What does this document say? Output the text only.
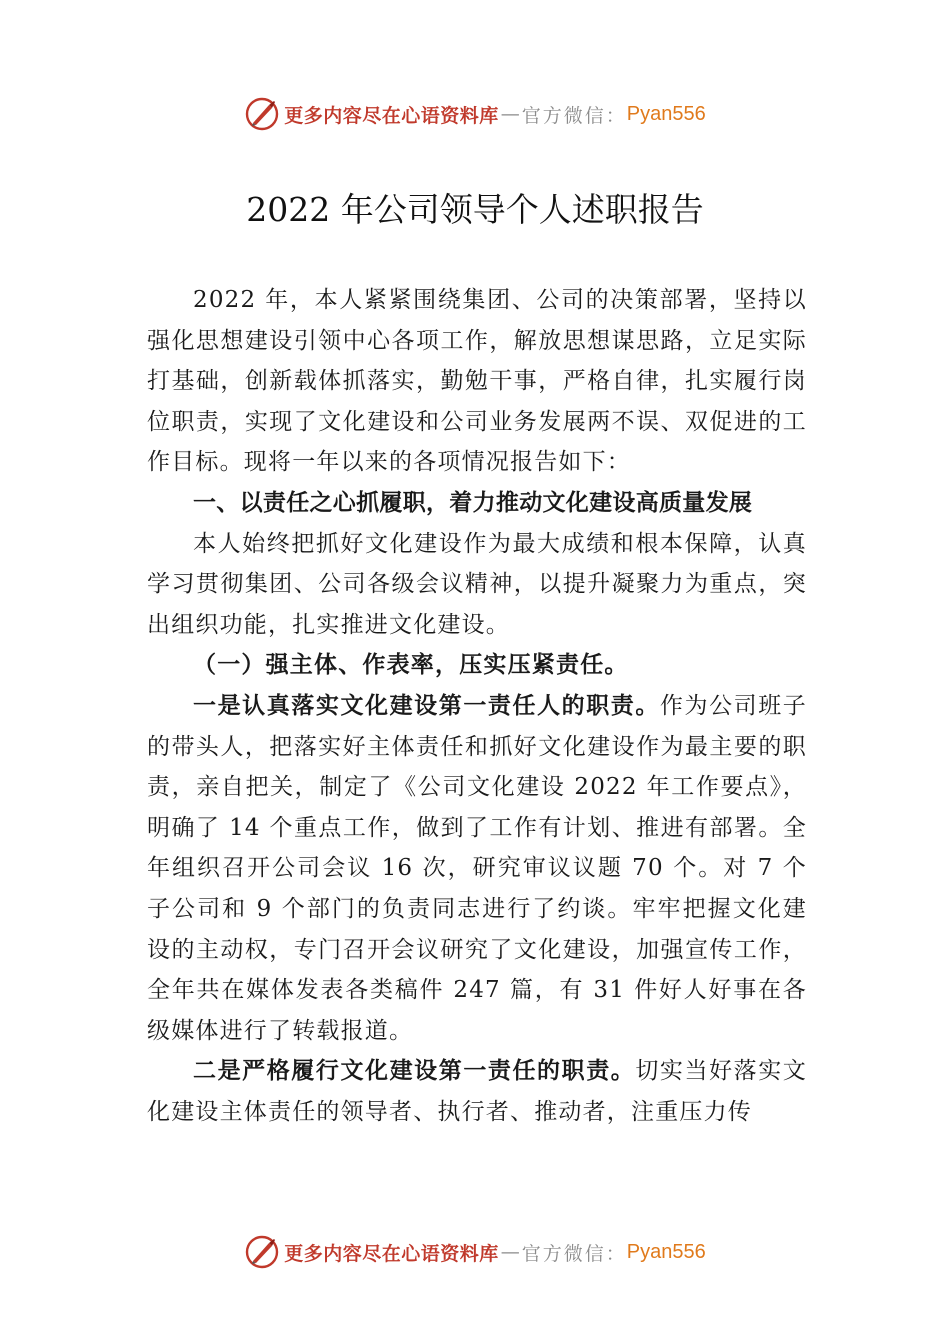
更多内容尽在心语资料库 — 官方微信： Pyan556
2022 年公司领导个人述职报告

2022 年，本人紧紧围绕集团、公司的决策部署，坚持以强化思想建设引领中心各项工作，解放思想谋思路，立足实际打基础，创新载体抓落实，勤勉干事，严格自律，扎实履行岗位职责，实现了文化建设和公司业务发展两不误、双促进的工作目标。现将一年以来的各项情况报告如下：

一、以责任之心抓履职，着力推动文化建设高质量发展

本人始终把抓好文化建设作为最大成绩和根本保障，认真学习贯彻集团、公司各级会议精神，以提升凝聚力为重点，突出组织功能，扎实推进文化建设。

（一）强主体、作表率，压实压紧责任。

一是认真落实文化建设第一责任人的职责。作为公司班子的带头人，把落实好主体责任和抓好文化建设作为最主要的职责，亲自把关，制定了《公司文化建设 2022 年工作要点》，明确了 14 个重点工作，做到了工作有计划、推进有部署。全年组织召开公司会议 16 次，研究审议议题 70 个。对 7 个子公司和 9 个部门的负责同志进行了约谈。牢牢把握文化建设的主动权，专门召开会议研究了文化建设，加强宣传工作，全年共在媒体发表各类稿件 247 篇，有 31 件好人好事在各级媒体进行了转载报道。

二是严格履行文化建设第一责任的职责。切实当好落实文化建设主体责任的领导者、执行者、推动者，注重压力传

更多内容尽在心语资料库 — 官方微信： Pyan556
